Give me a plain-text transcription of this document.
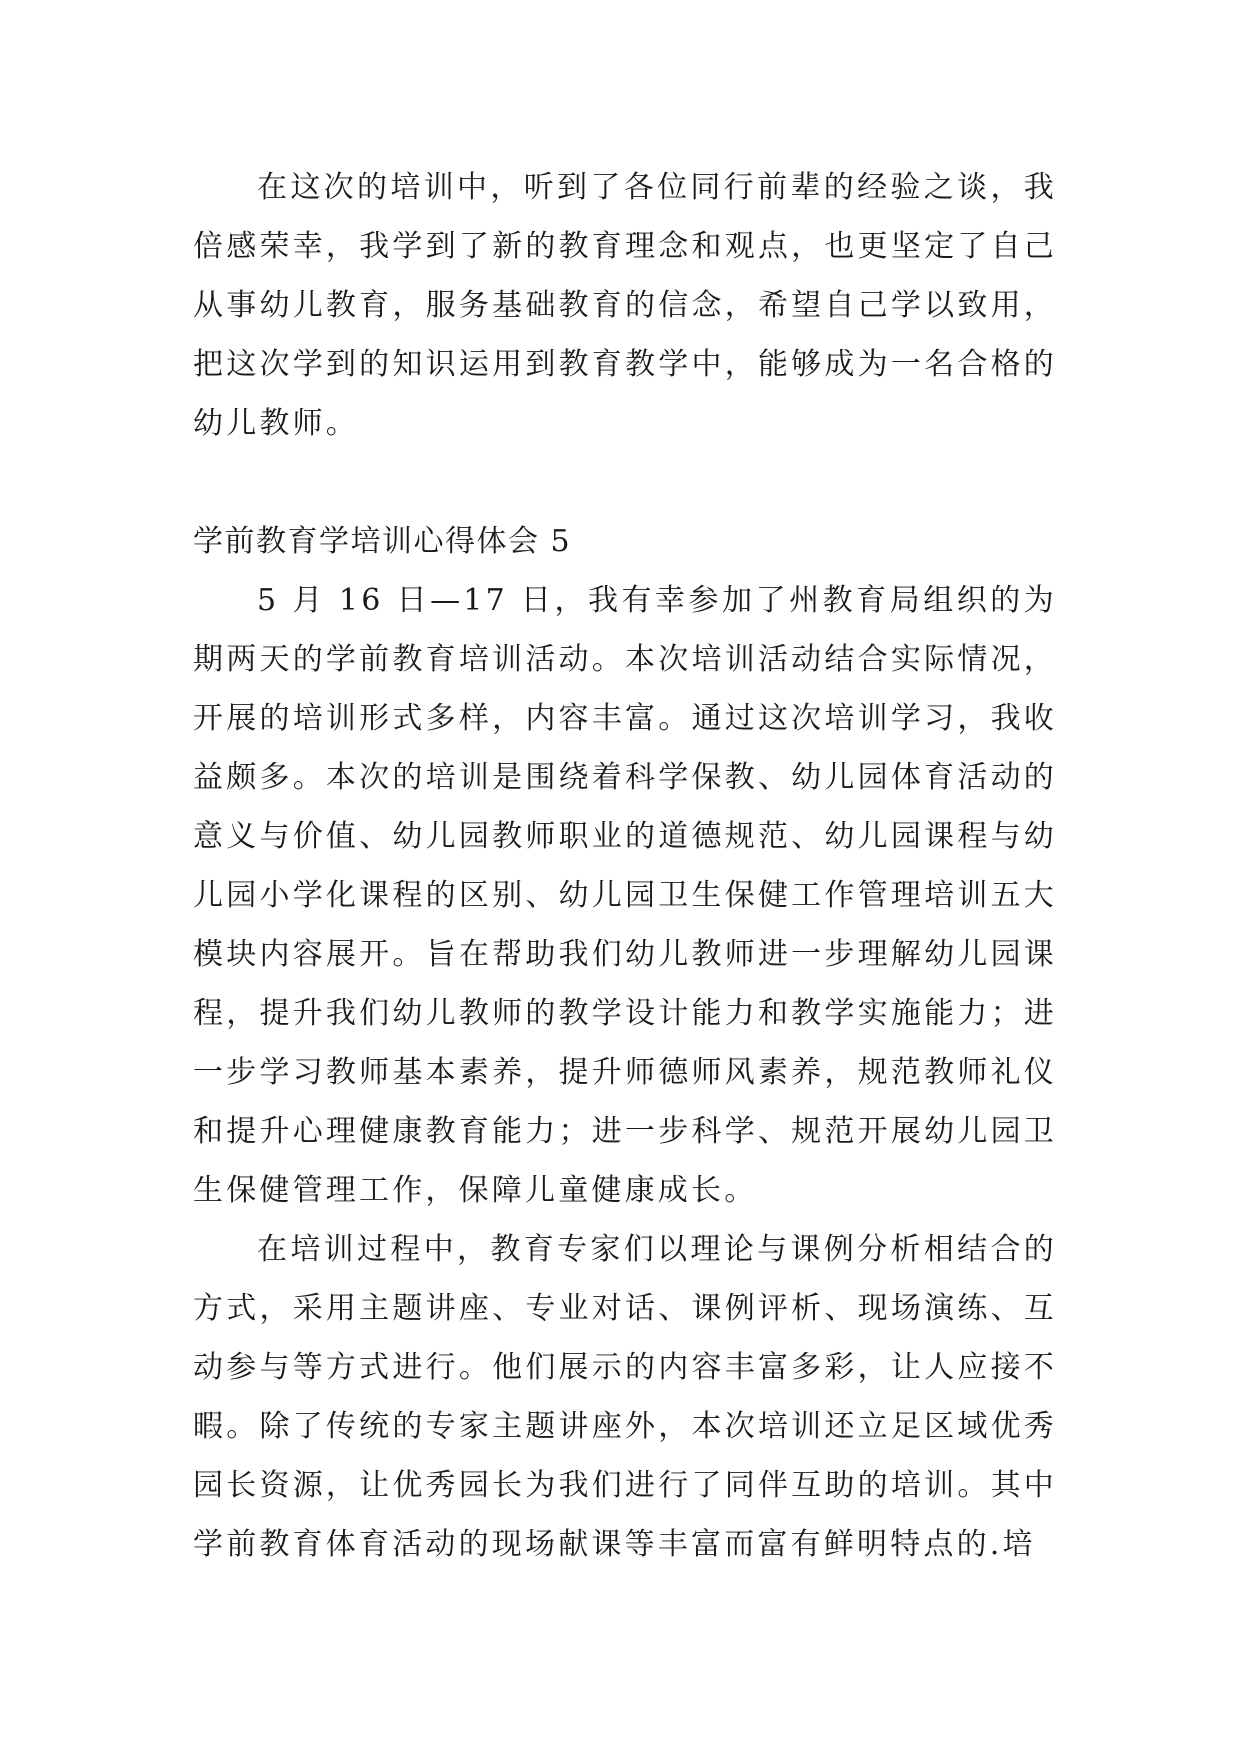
在这次的培训中，听到了各位同行前辈的经验之谈，我倍感荣幸，我学到了新的教育理念和观点，也更坚定了自己从事幼儿教育，服务基础教育的信念，希望自己学以致用，把这次学到的知识运用到教育教学中，能够成为一名合格的幼儿教师。

学前教育学培训心得体会 5

5 月 16 日—17 日，我有幸参加了州教育局组织的为期两天的学前教育培训活动。本次培训活动结合实际情况，开展的培训形式多样，内容丰富。通过这次培训学习，我收益颇多。本次的培训是围绕着科学保教、幼儿园体育活动的意义与价值、幼儿园教师职业的道德规范、幼儿园课程与幼儿园小学化课程的区别、幼儿园卫生保健工作管理培训五大模块内容展开。旨在帮助我们幼儿教师进一步理解幼儿园课程，提升我们幼儿教师的教学设计能力和教学实施能力；进一步学习教师基本素养，提升师德师风素养，规范教师礼仪和提升心理健康教育能力；进一步科学、规范开展幼儿园卫生保健管理工作，保障儿童健康成长。

在培训过程中，教育专家们以理论与课例分析相结合的方式，采用主题讲座、专业对话、课例评析、现场演练、互动参与等方式进行。他们展示的内容丰富多彩，让人应接不暇。除了传统的专家主题讲座外，本次培训还立足区域优秀园长资源，让优秀园长为我们进行了同伴互助的培训。其中学前教育体育活动的现场献课等丰富而富有鲜明特点的.培
